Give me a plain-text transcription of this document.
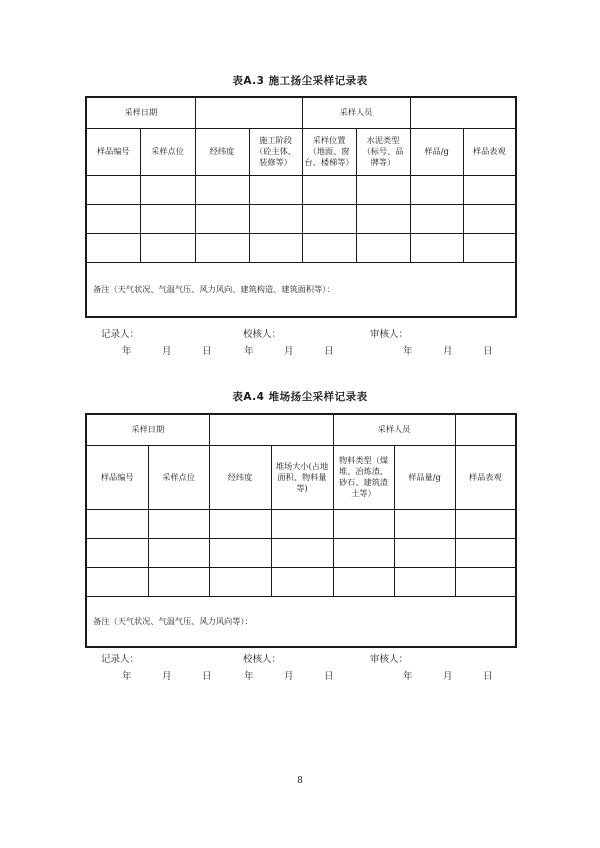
表A.3 施工扬尘采样记录表
采样日期				采样人员			
样品编号	采样点位	经纬度	施工阶段（砼主体、装修等）	采样位置（地面、窗台、楼梯等）	水泥类型（标号、品牌等）	样品/g	样品表观

备注（天气状况、气温气压、风力风向、建筑构造、建筑面积等）：							
记录人：	校核人：	审核人：
年	月	日	年	月	日	年	月	日
表A.4 堆场扬尘采样记录表
采样日期				采样人员		
样品编号	采样点位	经纬度	堆场大小(占地面积、物料量等)	物料类型（煤堆、冶炼渣、砂石、建筑渣土等）	样品量/g	样品表观

备注（天气状况、气温气压、风力风向等）：						
记录人：	校核人：	审核人：
年	月	日	年	月	日	年	月	日
8
